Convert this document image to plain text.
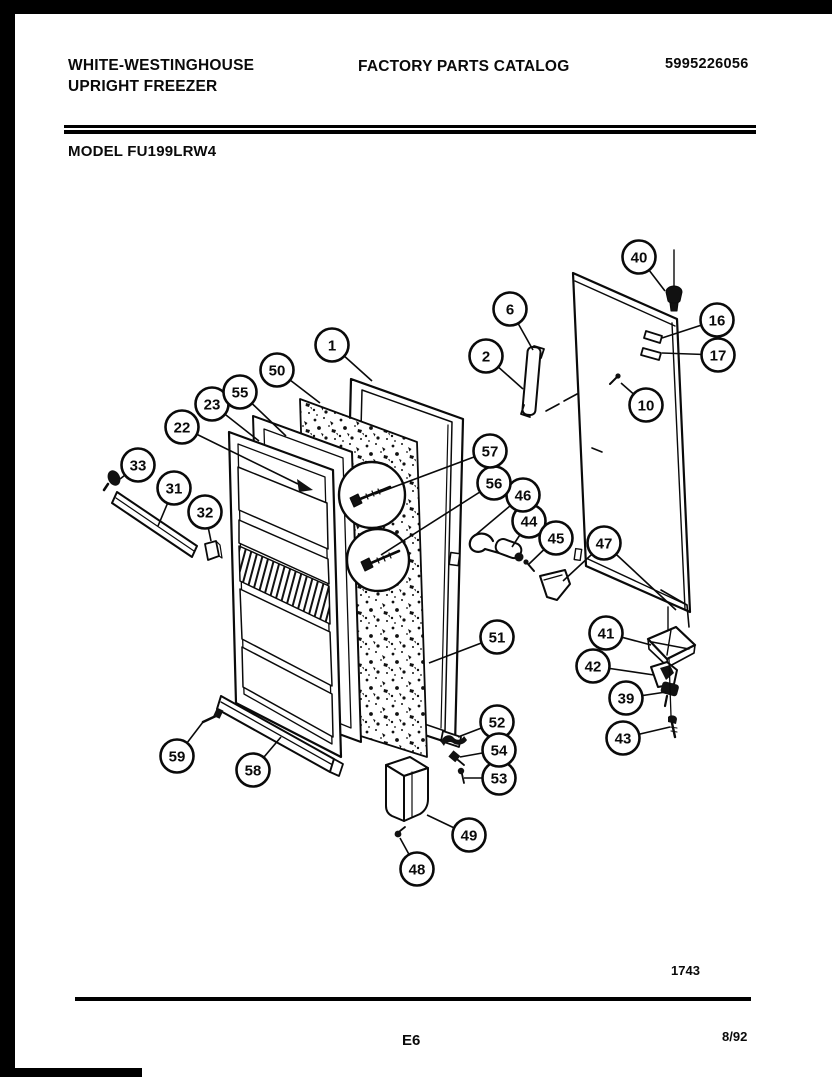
WHITE-WESTINGHOUSE
UPRIGHT FREEZER
FACTORY PARTS CATALOG	5995226056
MODEL FU199LRW4
1
2
6
10
16
17
22
23
31
32
33
39
40
41
42
43
44
45
46
47
48
49
50
51
52
53
54
55
56
57
58
59
1743
E6	8/92
